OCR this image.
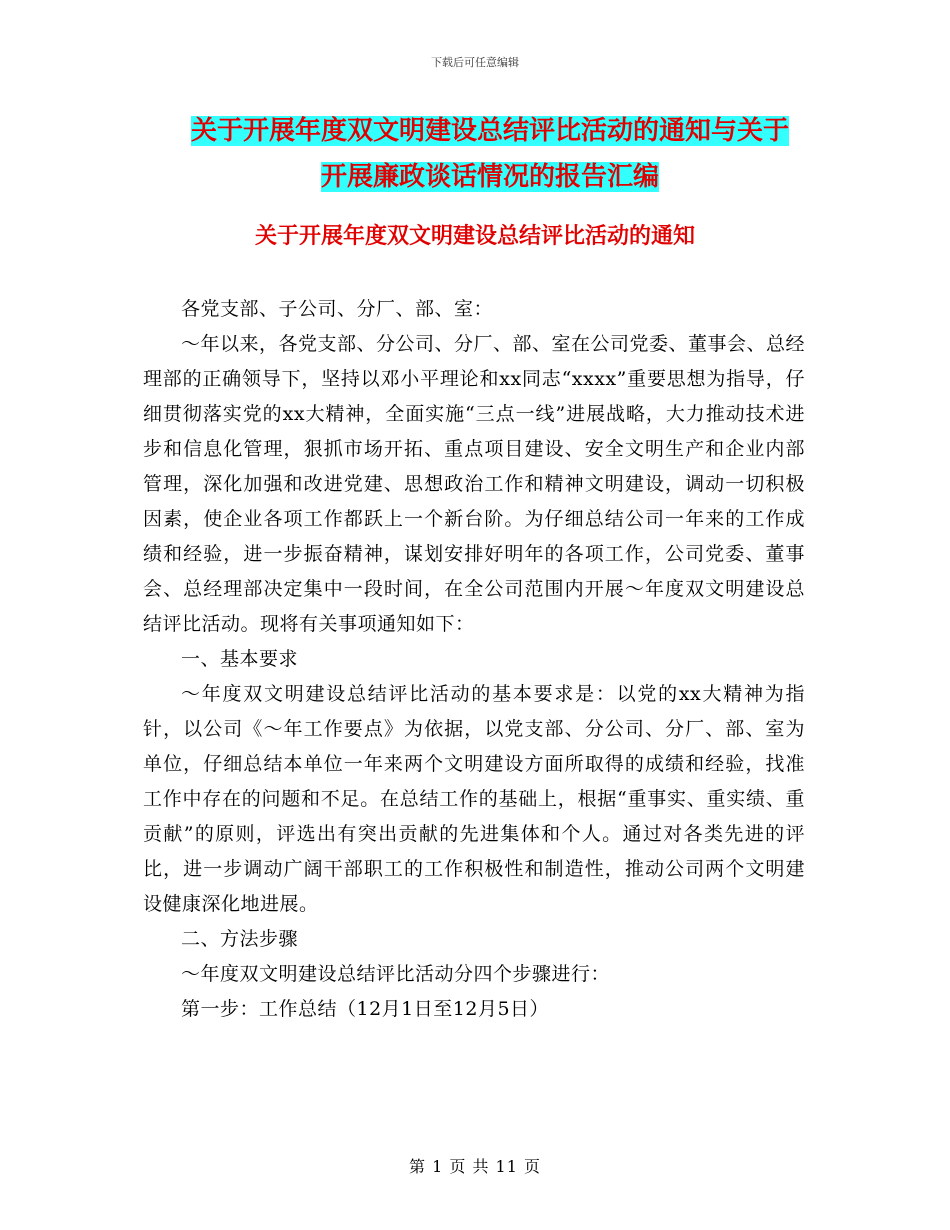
下载后可任意编辑
关于开展年度双文明建设总结评比活动的通知与关于
开展廉政谈话情况的报告汇编
关于开展年度双文明建设总结评比活动的通知

各党支部、子公司、分厂、部、室：

～年以来，各党支部、分公司、分厂、部、室在公司党委、董事会、总经理部的正确领导下，坚持以邓小平理论和xx同志“xxxx”重要思想为指导，仔细贯彻落实党的xx大精神，全面实施“三点一线”进展战略，大力推动技术进步和信息化管理，狠抓市场开拓、重点项目建设、安全文明生产和企业内部管理，深化加强和改进党建、思想政治工作和精神文明建设，调动一切积极因素，使企业各项工作都跃上一个新台阶。为仔细总结公司一年来的工作成绩和经验，进一步振奋精神，谋划安排好明年的各项工作，公司党委、董事会、总经理部决定集中一段时间，在全公司范围内开展～年度双文明建设总结评比活动。现将有关事项通知如下：

一、基本要求

～年度双文明建设总结评比活动的基本要求是：以党的xx大精神为指针，以公司《～年工作要点》为依据，以党支部、分公司、分厂、部、室为单位，仔细总结本单位一年来两个文明建设方面所取得的成绩和经验，找准工作中存在的问题和不足。在总结工作的基础上，根据“重事实、重实绩、重贡献”的原则，评选出有突出贡献的先进集体和个人。通过对各类先进的评比，进一步调动广阔干部职工的工作积极性和制造性，推动公司两个文明建设健康深化地进展。

二、方法步骤

～年度双文明建设总结评比活动分四个步骤进行：

第一步：工作总结（12月1日至12月5日）

第 1 页 共 11 页
